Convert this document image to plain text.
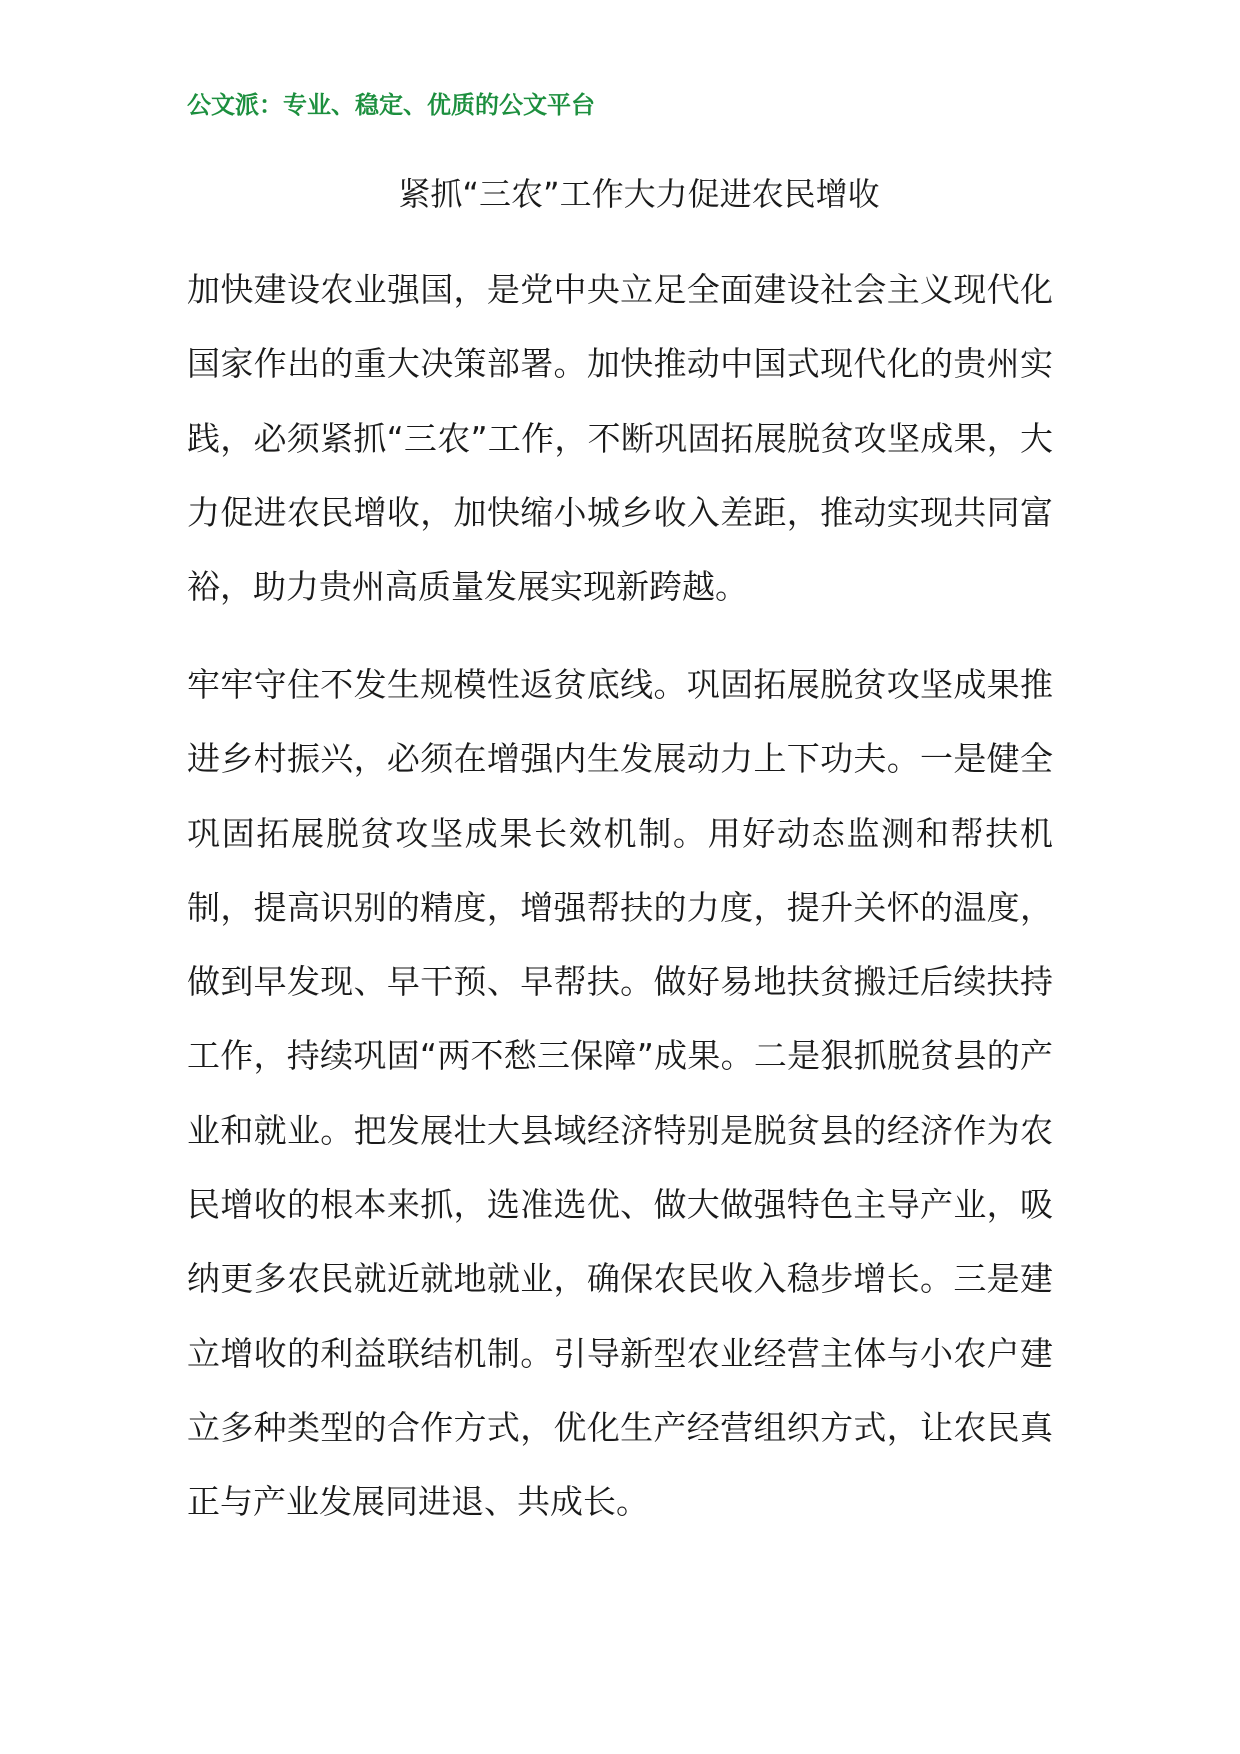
公文派：专业、稳定、优质的公文平台
紧抓“三农”工作大力促进农民增收

加快建设农业强国，是党中央立足全面建设社会主义现代化国家作出的重大决策部署。加快推动中国式现代化的贵州实践，必须紧抓“三农”工作，不断巩固拓展脱贫攻坚成果，大力促进农民增收，加快缩小城乡收入差距，推动实现共同富裕，助力贵州高质量发展实现新跨越。

牢牢守住不发生规模性返贫底线。巩固拓展脱贫攻坚成果推进乡村振兴，必须在增强内生发展动力上下功夫。一是健全巩固拓展脱贫攻坚成果长效机制。用好动态监测和帮扶机制，提高识别的精度，增强帮扶的力度，提升关怀的温度，做到早发现、早干预、早帮扶。做好易地扶贫搬迁后续扶持工作，持续巩固“两不愁三保障”成果。二是狠抓脱贫县的产业和就业。把发展壮大县域经济特别是脱贫县的经济作为农民增收的根本来抓，选准选优、做大做强特色主导产业，吸纳更多农民就近就地就业，确保农民收入稳步增长。三是建立增收的利益联结机制。引导新型农业经营主体与小农户建立多种类型的合作方式，优化生产经营组织方式，让农民真正与产业发展同进退、共成长。
